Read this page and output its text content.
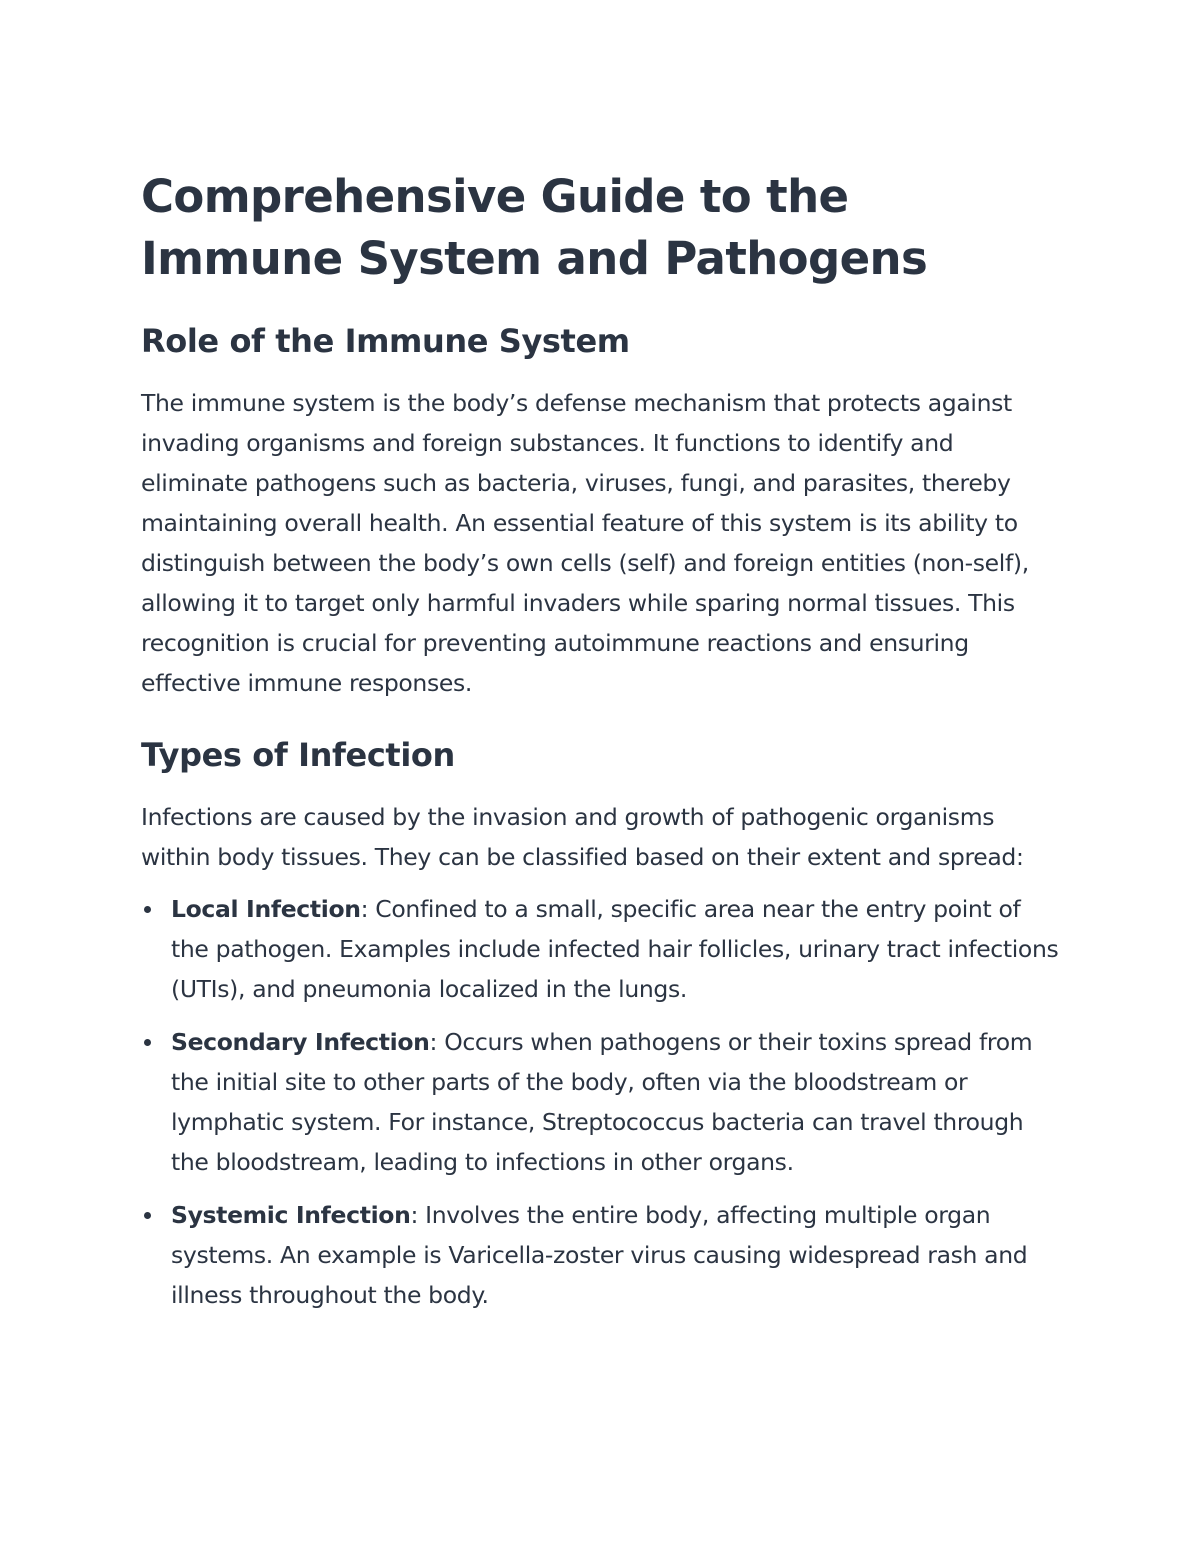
Comprehensive Guide to the Immune System and Pathogens
Role of the Immune System

The immune system is the body’s defense mechanism that protects against invading organisms and foreign substances. It functions to identify and eliminate pathogens such as bacteria, viruses, fungi, and parasites, thereby maintaining overall health. An essential feature of this system is its ability to distinguish between the body’s own cells (self) and foreign entities (non-self), allowing it to target only harmful invaders while sparing normal tissues. This recognition is crucial for preventing autoimmune reactions and ensuring effective immune responses.

Types of Infection

Infections are caused by the invasion and growth of pathogenic organisms within body tissues. They can be classified based on their extent and spread:

Local Infection: Confined to a small, specific area near the entry point of the pathogen. Examples include infected hair follicles, urinary tract infections (UTIs), and pneumonia localized in the lungs.
Secondary Infection: Occurs when pathogens or their toxins spread from the initial site to other parts of the body, often via the bloodstream or lymphatic system. For instance, Streptococcus bacteria can travel through the bloodstream, leading to infections in other organs.
Systemic Infection: Involves the entire body, affecting multiple organ systems. An example is Varicella-zoster virus causing widespread rash and illness throughout the body.
